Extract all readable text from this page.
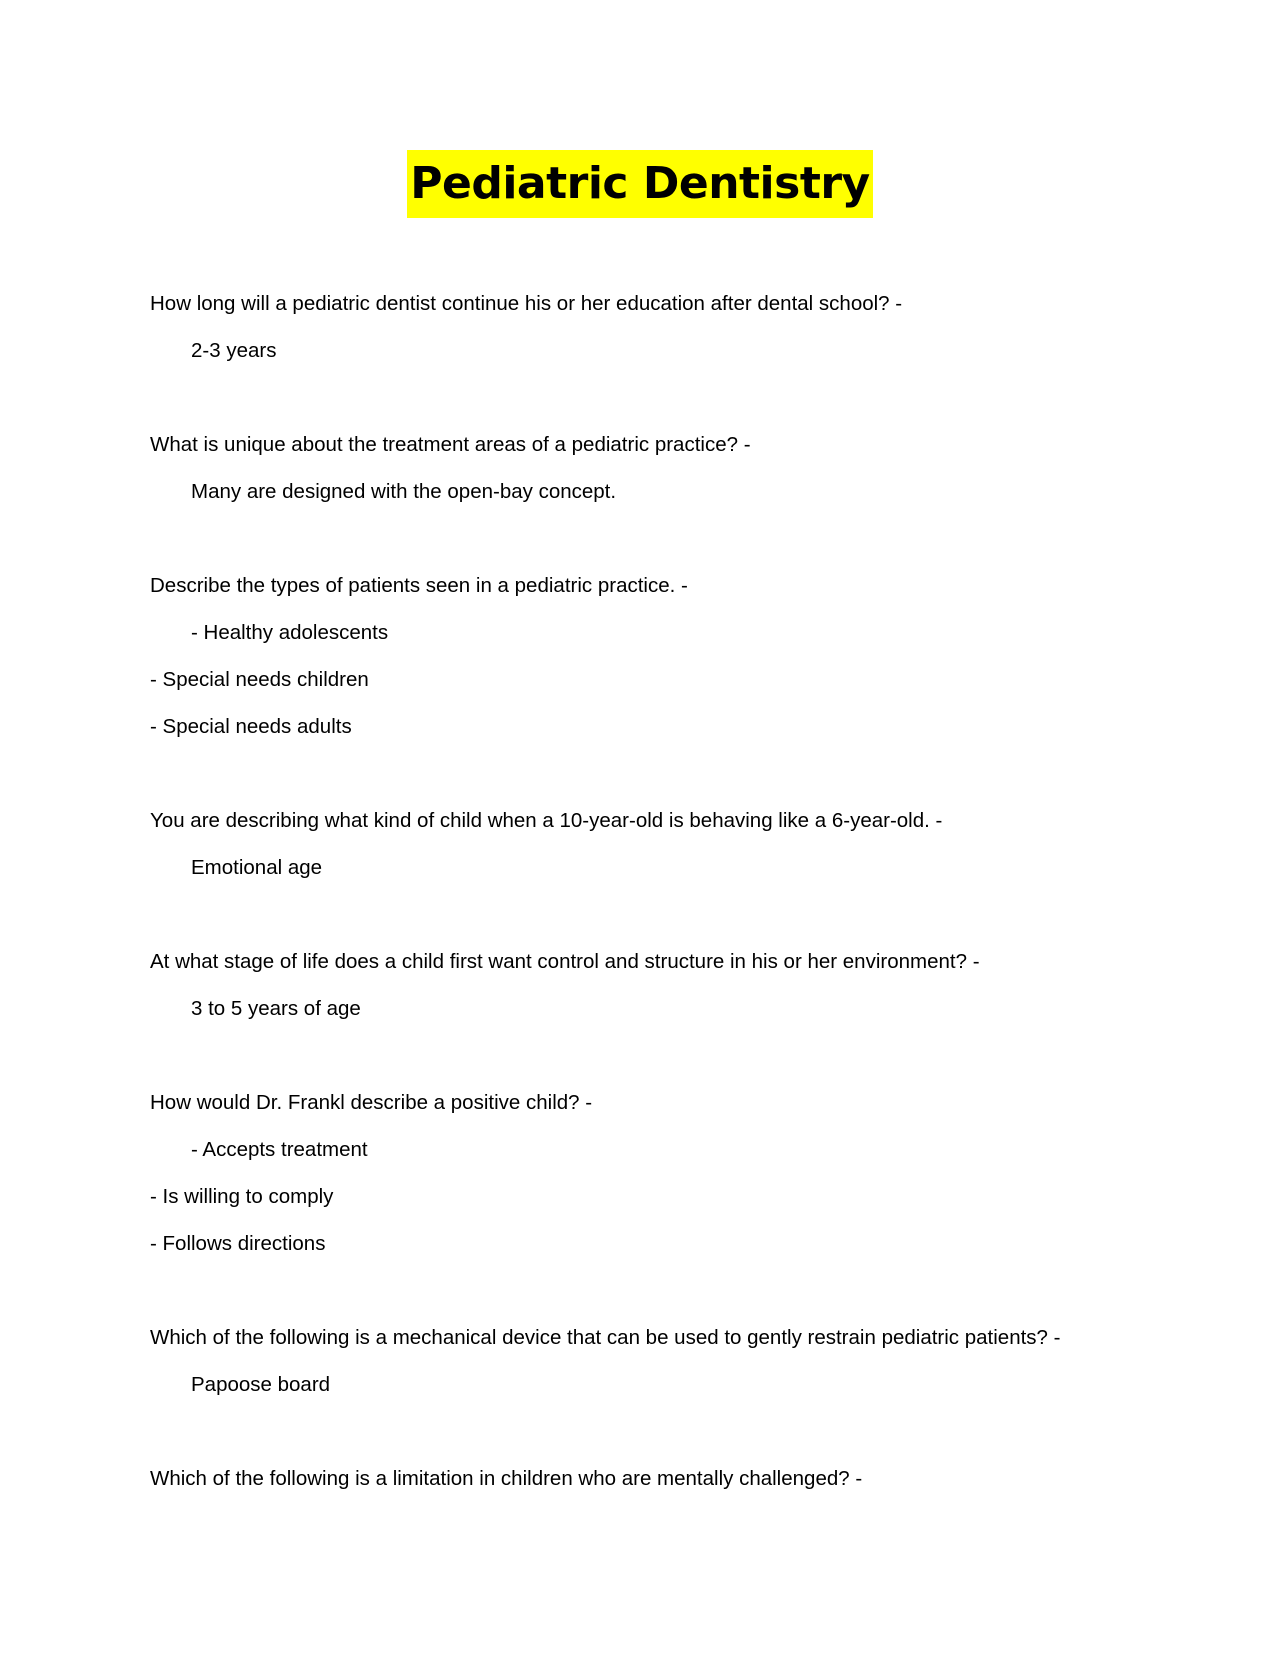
Pediatric Dentistry
How long will a pediatric dentist continue his or her education after dental school? -
2-3 years
What is unique about the treatment areas of a pediatric practice? -
Many are designed with the open-bay concept.
Describe the types of patients seen in a pediatric practice. -
- Healthy adolescents
- Special needs children
- Special needs adults
You are describing what kind of child when a 10-year-old is behaving like a 6-year-old. -
Emotional age
At what stage of life does a child first want control and structure in his or her environment? -
3 to 5 years of age
How would Dr. Frankl describe a positive child? -
- Accepts treatment
- Is willing to comply
- Follows directions
Which of the following is a mechanical device that can be used to gently restrain pediatric patients? -
Papoose board
Which of the following is a limitation in children who are mentally challenged? -
